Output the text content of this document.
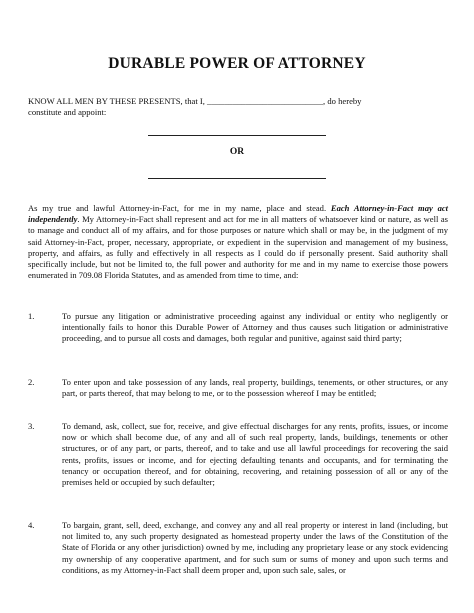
DURABLE POWER OF ATTORNEY
KNOW ALL MEN BY THESE PRESENTS, that I, ___________________________, do hereby
constitute and appoint:
OR
As my true and lawful Attorney-in-Fact, for me in my name, place and stead. Each Attorney-in-Fact may act independently. My Attorney-in-Fact shall represent and act for me in all matters of whatsoever kind or nature, as well as to manage and conduct all of my affairs, and for those purposes or nature which shall or may be, in the judgment of my said Attorney-in-Fact, proper, necessary, appropriate, or expedient in the supervision and management of my business, property, and affairs, as fully and effectively in all respects as I could do if personally present. Said authority shall specifically include, but not be limited to, the full power and authority for me and in my name to exercise those powers enumerated in 709.08 Florida Statutes, and as amended from time to time, and:
1.	To pursue any litigation or administrative proceeding against any individual or entity who negligently or intentionally fails to honor this Durable Power of Attorney and thus causes such litigation or administrative proceeding, and to pursue all costs and damages, both regular and punitive, against said third party;
2.	To enter upon and take possession of any lands, real property, buildings, tenements, or other structures, or any part, or parts thereof, that may belong to me, or to the possession whereof I may be entitled;
3.	To demand, ask, collect, sue for, receive, and give effectual discharges for any rents, profits, issues, or income now or which shall become due, of any and all of such real property, lands, buildings, tenements or other structures, or of any part, or parts, thereof, and to take and use all lawful proceedings for recovering the said rents, profits, issues or income, and for ejecting defaulting tenants and occupants, and for terminating the tenancy or occupation thereof, and for obtaining, recovering, and retaining possession of all or any of the premises held or occupied by such defaulter;
4.	To bargain, grant, sell, deed, exchange, and convey any and all real property or interest in land (including, but not limited to, any such property designated as homestead property under the laws of the Constitution of the State of Florida or any other jurisdiction) owned by me, including any proprietary lease or any stock evidencing my ownership of any cooperative apartment, and for such sum or sums of money and upon such terms and conditions, as my Attorney-in-Fact shall deem proper and, upon such sale, sales, or
